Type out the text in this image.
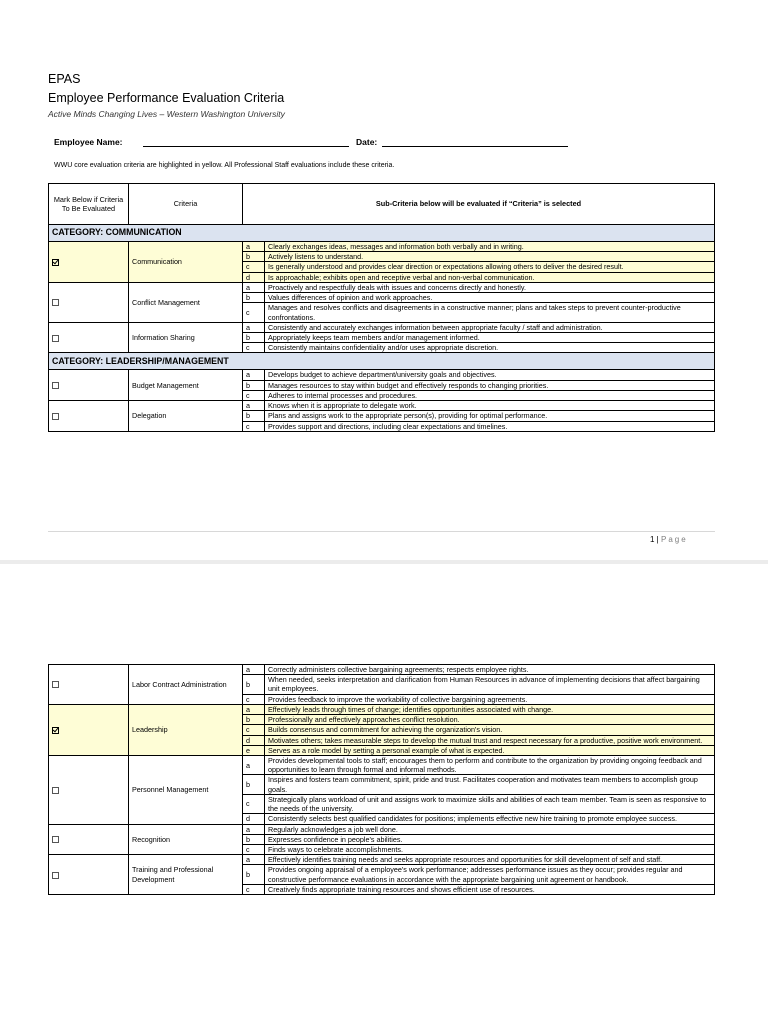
EPAS
Employee Performance Evaluation Criteria
Active Minds Changing Lives – Western Washington University
Employee Name:	Date:
WWU core evaluation criteria are highlighted in yellow. All Professional Staff evaluations include these criteria.
Mark Below if Criteria To Be Evaluated	Criteria	Sub-Criteria below will be evaluated if “Criteria” is selected	
CATEGORY: COMMUNICATION			
	Communication	a	Clearly exchanges ideas, messages and information both verbally and in writing.
		b	Actively listens to understand.
		c	Is generally understood and provides clear direction or expectations allowing others to deliver the desired result.
		d	Is approachable; exhibits open and receptive verbal and non-verbal communication.
	Conflict Management	a	Proactively and respectfully deals with issues and concerns directly and honestly.
		b	Values differences of opinion and work approaches.
		c	Manages and resolves conflicts and disagreements in a constructive manner; plans and takes steps to prevent counter-productive confrontations.
	Information Sharing	a	Consistently and accurately exchanges information between appropriate faculty / staff and administration.
		b	Appropriately keeps team members and/or management informed.
		c	Consistently maintains confidentiality and/or uses appropriate discretion.
CATEGORY: LEADERSHIP/MANAGEMENT			
	Budget Management	a	Develops budget to achieve department/university goals and objectives.
		b	Manages resources to stay within budget and effectively responds to changing priorities.
		c	Adheres to internal processes and procedures.
	Delegation	a	Knows when it is appropriate to delegate work.
		b	Plans and assigns work to the appropriate person(s), providing for optimal performance.
		c	Provides support and directions, including clear expectations and timelines.
1 | Page
	Labor Contract Administration	a	Correctly administers collective bargaining agreements; respects employee rights.
		b	When needed, seeks interpretation and clarification from Human Resources in advance of implementing decisions that affect bargaining unit employees.
		c	Provides feedback to improve the workability of collective bargaining agreements.
	Leadership	a	Effectively leads through times of change; identifies opportunities associated with change.
		b	Professionally and effectively approaches conflict resolution.
		c	Builds consensus and commitment for achieving the organization's vision.
		d	Motivates others; takes measurable steps to develop the mutual trust and respect necessary for a productive, positive work environment.
		e	Serves as a role model by setting a personal example of what is expected.
	Personnel Management	a	Provides developmental tools to staff; encourages them to perform and contribute to the organization by providing ongoing feedback and opportunities to learn through formal and informal methods.
		b	Inspires and fosters team commitment, spirit, pride and trust. Facilitates cooperation and motivates team members to accomplish group goals.
		c	Strategically plans workload of unit and assigns work to maximize skills and abilities of each team member. Team is seen as responsive to the needs of the university.
		d	Consistently selects best qualified candidates for positions; implements effective new hire training to promote employee success.
	Recognition	a	Regularly acknowledges a job well done.
		b	Expresses confidence in people's abilities.
		c	Finds ways to celebrate accomplishments.
	Training and Professional Development	a	Effectively identifies training needs and seeks appropriate resources and opportunities for skill development of self and staff.
		b	Provides ongoing appraisal of a employee's work performance; addresses performance issues as they occur; provides regular and constructive performance evaluations in accordance with the appropriate bargaining unit agreement or handbook.
		c	Creatively finds appropriate training resources and shows efficient use of resources.
